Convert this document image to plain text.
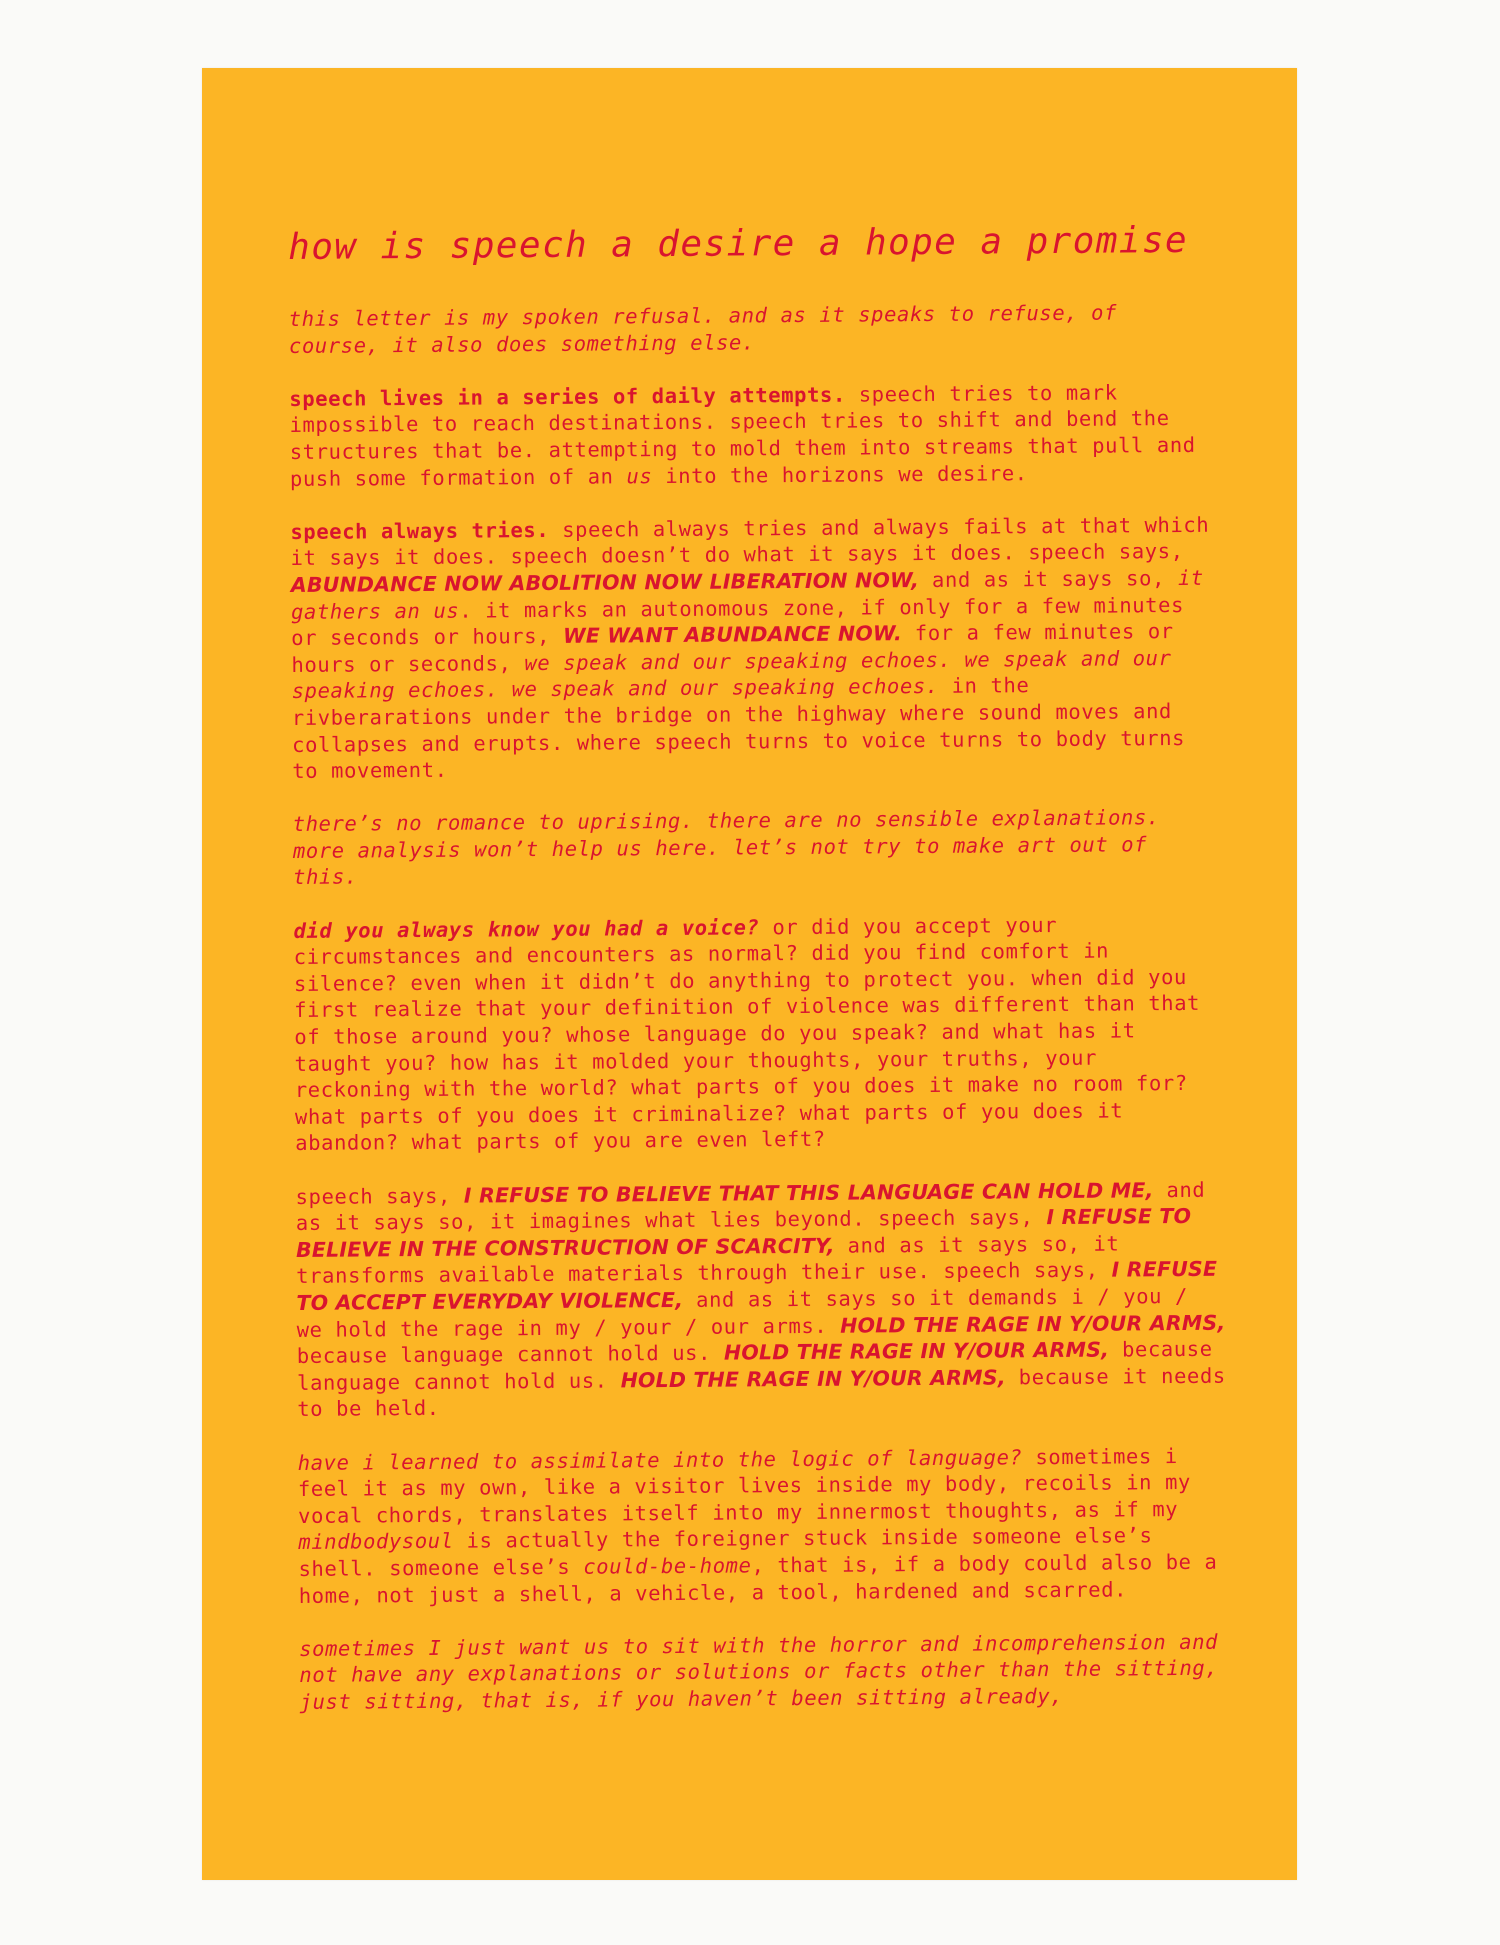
how is speech a desire a hope a promise

this letter is my spoken refusal. and as it speaks to refuse, of course, it also does something else.

speech lives in a series of daily attempts. speech tries to mark impossible to reach destinations. speech tries to shift and bend the structures that be. attempting to mold them into streams that pull and push some formation of an us into the horizons we desire.

speech always tries. speech always tries and always fails at that which it says it does. speech doesn’t do what it says it does. speech says, ABUNDANCE NOW ABOLITION NOW LIBERATION NOW, and as it says so, it gathers an us. it marks an autonomous zone, if only for a few minutes or seconds or hours, WE WANT ABUNDANCE NOW. for a few minutes or hours or seconds, we speak and our speaking echoes. we speak and our speaking echoes. we speak and our speaking echoes. in the rivberarations under the bridge on the highway where sound moves and collapses and erupts. where speech turns to voice turns to body turns to movement.

there’s no romance to uprising. there are no sensible explanations. more analysis won’t help us here. let’s not try to make art out of this.

did you always know you had a voice? or did you accept your circumstances and encounters as normal? did you find comfort in silence? even when it didn’t do anything to protect you. when did you first realize that your definition of violence was different than that of those around you? whose language do you speak? and what has it taught you? how has it molded your thoughts, your truths, your reckoning with the world? what parts of you does it make no room for? what parts of you does it criminalize? what parts of you does it abandon? what parts of you are even left?

speech says, I REFUSE TO BELIEVE THAT THIS LANGUAGE CAN HOLD ME, and as it says so, it imagines what lies beyond. speech says, I REFUSE TO BELIEVE IN THE CONSTRUCTION OF SCARCITY, and as it says so, it transforms available materials through their use. speech says, I REFUSE TO ACCEPT EVERYDAY VIOLENCE, and as it says so it demands i / you / we hold the rage in my / your / our arms. HOLD THE RAGE IN Y/OUR ARMS, because language cannot hold us. HOLD THE RAGE IN Y/OUR ARMS, because language cannot hold us. HOLD THE RAGE IN Y/OUR ARMS, because it needs to be held.

have i learned to assimilate into the logic of language? sometimes i feel it as my own, like a visitor lives inside my body, recoils in my vocal chords, translates itself into my innermost thoughts, as if my mindbodysoul is actually the foreigner stuck inside someone else’s shell. someone else’s could-be-home, that is, if a body could also be a home, not just a shell, a vehicle, a tool, hardened and scarred.

sometimes I just want us to sit with the horror and incomprehension and not have any explanations or solutions or facts other than the sitting, just sitting, that is, if you haven’t been sitting already,
